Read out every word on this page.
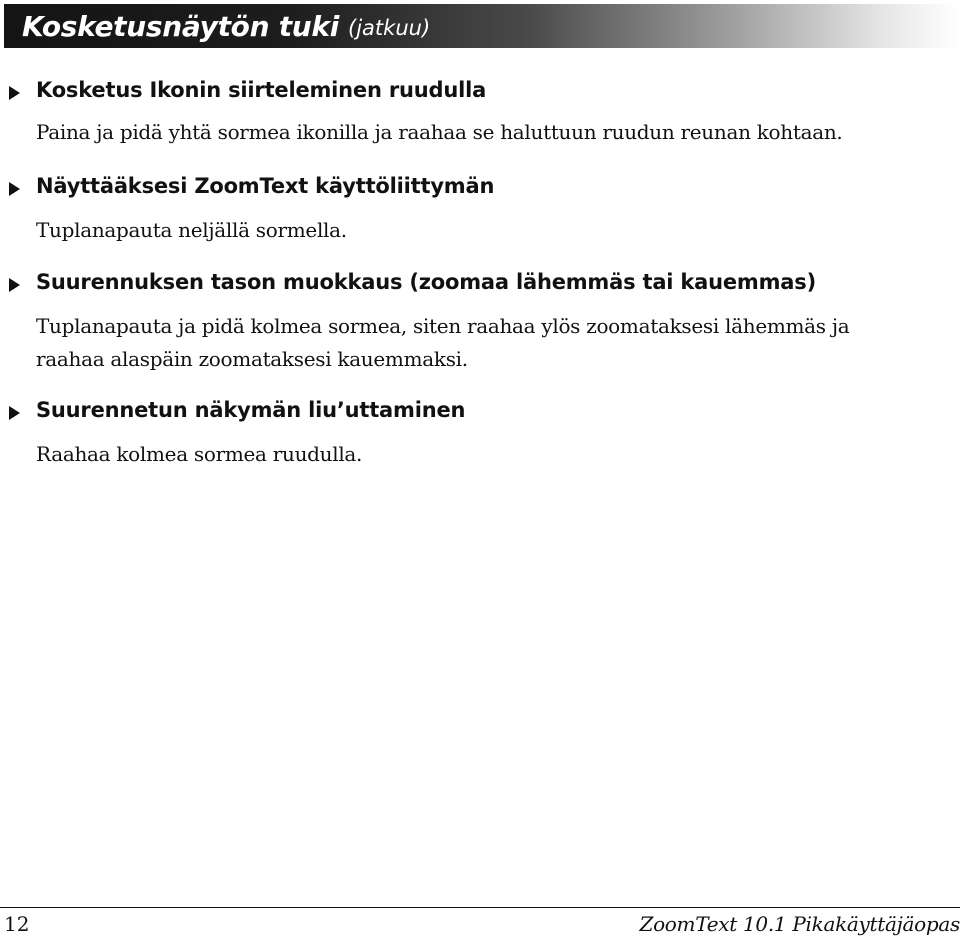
Kosketusnäytön tuki (jatkuu)
Kosketus Ikonin siirteleminen ruudulla
Paina ja pidä yhtä sormea ikonilla ja raahaa se haluttuun ruudun reunan kohtaan.
Näyttääksesi ZoomText käyttöliittymän
Tuplanapauta neljällä sormella.
Suurennuksen tason muokkaus (zoomaa lähemmäs tai kauemmas)
Tuplanapauta ja pidä kolmea sormea, siten raahaa ylös zoomataksesi lähemmäs ja
raahaa alaspäin zoomataksesi kauemmaksi.
Suurennetun näkymän liu’uttaminen
Raahaa kolmea sormea ruudulla.
12	ZoomText 10.1 Pikakäyttäjäopas
